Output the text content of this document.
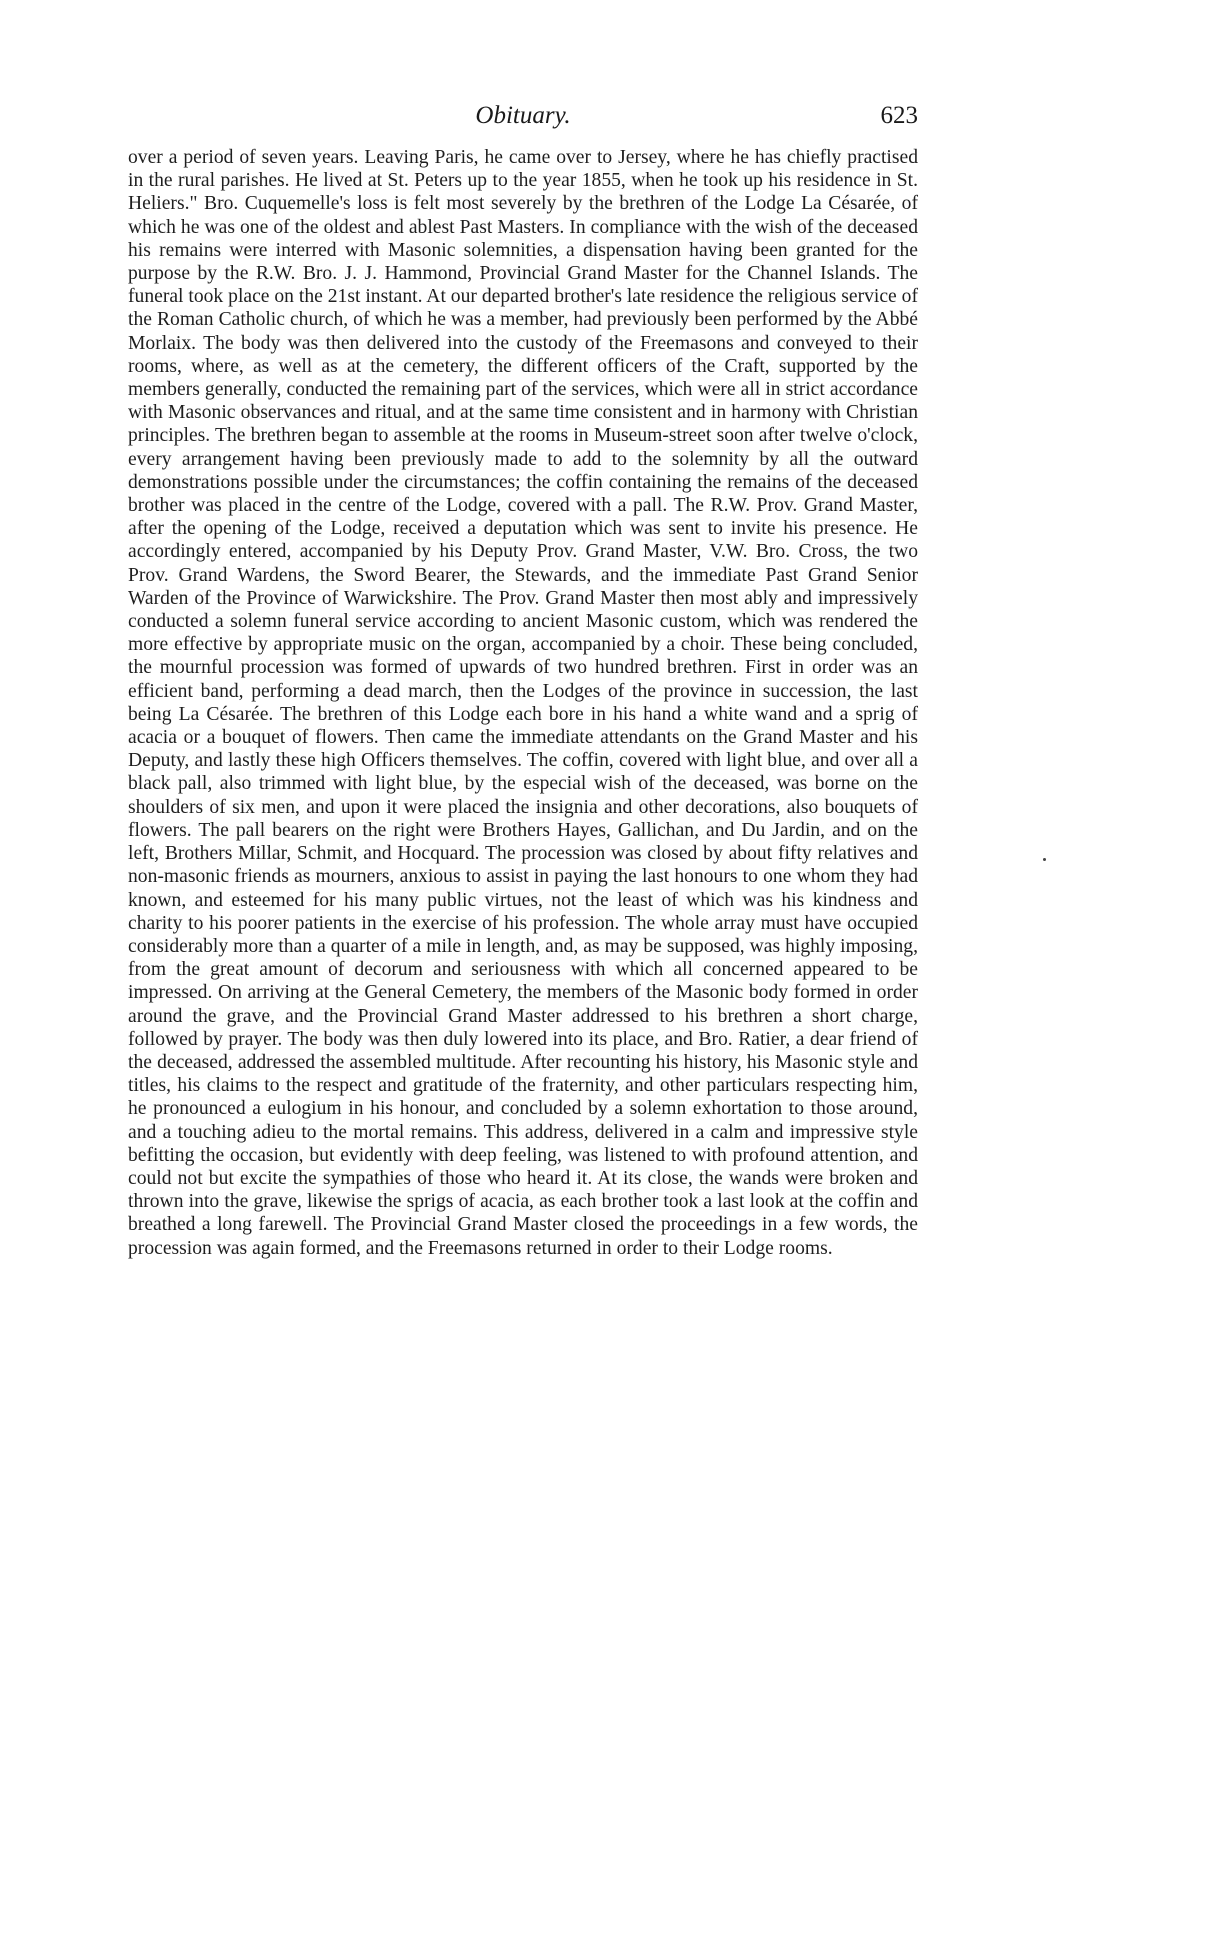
Obituary.	623

over a period of seven years. Leaving Paris, he came over to Jersey, where he has chiefly practised in the rural parishes. He lived at St. Peters up to the year 1855, when he took up his residence in St. Heliers." Bro. Cuquemelle's loss is felt most severely by the brethren of the Lodge La Césarée, of which he was one of the oldest and ablest Past Masters. In compliance with the wish of the deceased his remains were interred with Masonic solemnities, a dispensation having been granted for the purpose by the R.W. Bro. J. J. Hammond, Provincial Grand Master for the Channel Islands. The funeral took place on the 21st instant. At our departed brother's late residence the religious service of the Roman Catholic church, of which he was a member, had previously been performed by the Abbé Morlaix. The body was then delivered into the custody of the Freemasons and conveyed to their rooms, where, as well as at the cemetery, the different officers of the Craft, supported by the members generally, conducted the remaining part of the services, which were all in strict accordance with Masonic observances and ritual, and at the same time consistent and in harmony with Christian principles. The brethren began to assemble at the rooms in Museum-street soon after twelve o'clock, every arrangement having been previously made to add to the solemnity by all the outward demonstrations possible under the circumstances; the coffin containing the remains of the deceased brother was placed in the centre of the Lodge, covered with a pall. The R.W. Prov. Grand Master, after the opening of the Lodge, received a deputation which was sent to invite his presence. He accordingly entered, accompanied by his Deputy Prov. Grand Master, V.W. Bro. Cross, the two Prov. Grand Wardens, the Sword Bearer, the Stewards, and the immediate Past Grand Senior Warden of the Province of Warwickshire. The Prov. Grand Master then most ably and impressively conducted a solemn funeral service according to ancient Masonic custom, which was rendered the more effective by appropriate music on the organ, accompanied by a choir. These being concluded, the mournful procession was formed of upwards of two hundred brethren. First in order was an efficient band, performing a dead march, then the Lodges of the province in succession, the last being La Césarée. The brethren of this Lodge each bore in his hand a white wand and a sprig of acacia or a bouquet of flowers. Then came the immediate attendants on the Grand Master and his Deputy, and lastly these high Officers themselves. The coffin, covered with light blue, and over all a black pall, also trimmed with light blue, by the especial wish of the deceased, was borne on the shoulders of six men, and upon it were placed the insignia and other decorations, also bouquets of flowers. The pall bearers on the right were Brothers Hayes, Gallichan, and Du Jardin, and on the left, Brothers Millar, Schmit, and Hocquard. The procession was closed by about fifty relatives and non-masonic friends as mourners, anxious to assist in paying the last honours to one whom they had known, and esteemed for his many public virtues, not the least of which was his kindness and charity to his poorer patients in the exercise of his profession. The whole array must have occupied considerably more than a quarter of a mile in length, and, as may be supposed, was highly imposing, from the great amount of decorum and seriousness with which all concerned appeared to be impressed. On arriving at the General Cemetery, the members of the Masonic body formed in order around the grave, and the Provincial Grand Master addressed to his brethren a short charge, followed by prayer. The body was then duly lowered into its place, and Bro. Ratier, a dear friend of the deceased, addressed the assembled multitude. After recounting his history, his Masonic style and titles, his claims to the respect and gratitude of the fraternity, and other particulars respecting him, he pronounced a eulogium in his honour, and concluded by a solemn exhortation to those around, and a touching adieu to the mortal remains. This address, delivered in a calm and impressive style befitting the occasion, but evidently with deep feeling, was listened to with profound attention, and could not but excite the sympathies of those who heard it. At its close, the wands were broken and thrown into the grave, likewise the sprigs of acacia, as each brother took a last look at the coffin and breathed a long farewell. The Provincial Grand Master closed the proceedings in a few words, the procession was again formed, and the Freemasons returned in order to their Lodge rooms.
